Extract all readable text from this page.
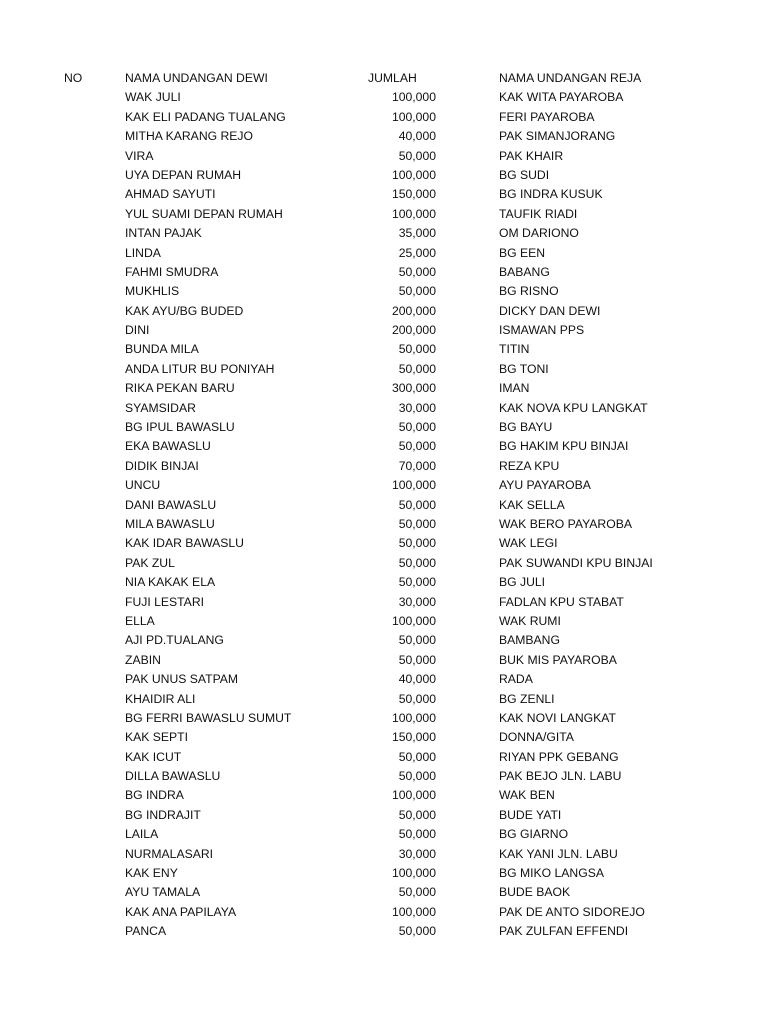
NO	NAMA UNDANGAN DEWI	JUMLAH	NAMA UNDANGAN REJA
WAK JULI	100,000	KAK WITA PAYAROBA
KAK ELI PADANG TUALANG	100,000	FERI PAYAROBA
MITHA KARANG REJO	40,000	PAK SIMANJORANG
VIRA	50,000	PAK KHAIR
UYA DEPAN RUMAH	100,000	BG SUDI
AHMAD SAYUTI	150,000	BG INDRA KUSUK
YUL SUAMI DEPAN RUMAH	100,000	TAUFIK RIADI
INTAN PAJAK	35,000	OM DARIONO
LINDA	25,000	BG EEN
FAHMI SMUDRA	50,000	BABANG
MUKHLIS	50,000	BG RISNO
KAK AYU/BG BUDED	200,000	DICKY DAN DEWI
DINI	200,000	ISMAWAN PPS
BUNDA MILA	50,000	TITIN
ANDA LITUR BU PONIYAH	50,000	BG TONI
RIKA PEKAN BARU	300,000	IMAN
SYAMSIDAR	30,000	KAK NOVA KPU LANGKAT
BG IPUL BAWASLU	50,000	BG BAYU
EKA BAWASLU	50,000	BG HAKIM KPU BINJAI
DIDIK BINJAI	70,000	REZA KPU
UNCU	100,000	AYU PAYAROBA
DANI BAWASLU	50,000	KAK SELLA
MILA BAWASLU	50,000	WAK BERO PAYAROBA
KAK IDAR BAWASLU	50,000	WAK LEGI
PAK ZUL	50,000	PAK SUWANDI KPU BINJAI
NIA KAKAK ELA	50,000	BG JULI
FUJI LESTARI	30,000	FADLAN KPU STABAT
ELLA	100,000	WAK RUMI
AJI PD.TUALANG	50,000	BAMBANG
ZABIN	50,000	BUK MIS PAYAROBA
PAK UNUS SATPAM	40,000	RADA
KHAIDIR ALI	50,000	BG ZENLI
BG FERRI BAWASLU SUMUT	100,000	KAK NOVI LANGKAT
KAK SEPTI	150,000	DONNA/GITA
KAK ICUT	50,000	RIYAN PPK GEBANG
DILLA BAWASLU	50,000	PAK BEJO JLN. LABU
BG INDRA	100,000	WAK BEN
BG INDRAJIT	50,000	BUDE YATI
LAILA	50,000	BG GIARNO
NURMALASARI	30,000	KAK YANI JLN. LABU
KAK ENY	100,000	BG MIKO LANGSA
AYU TAMALA	50,000	BUDE BAOK
KAK ANA PAPILAYA	100,000	PAK DE ANTO SIDOREJO
PANCA	50,000	PAK ZULFAN EFFENDI
